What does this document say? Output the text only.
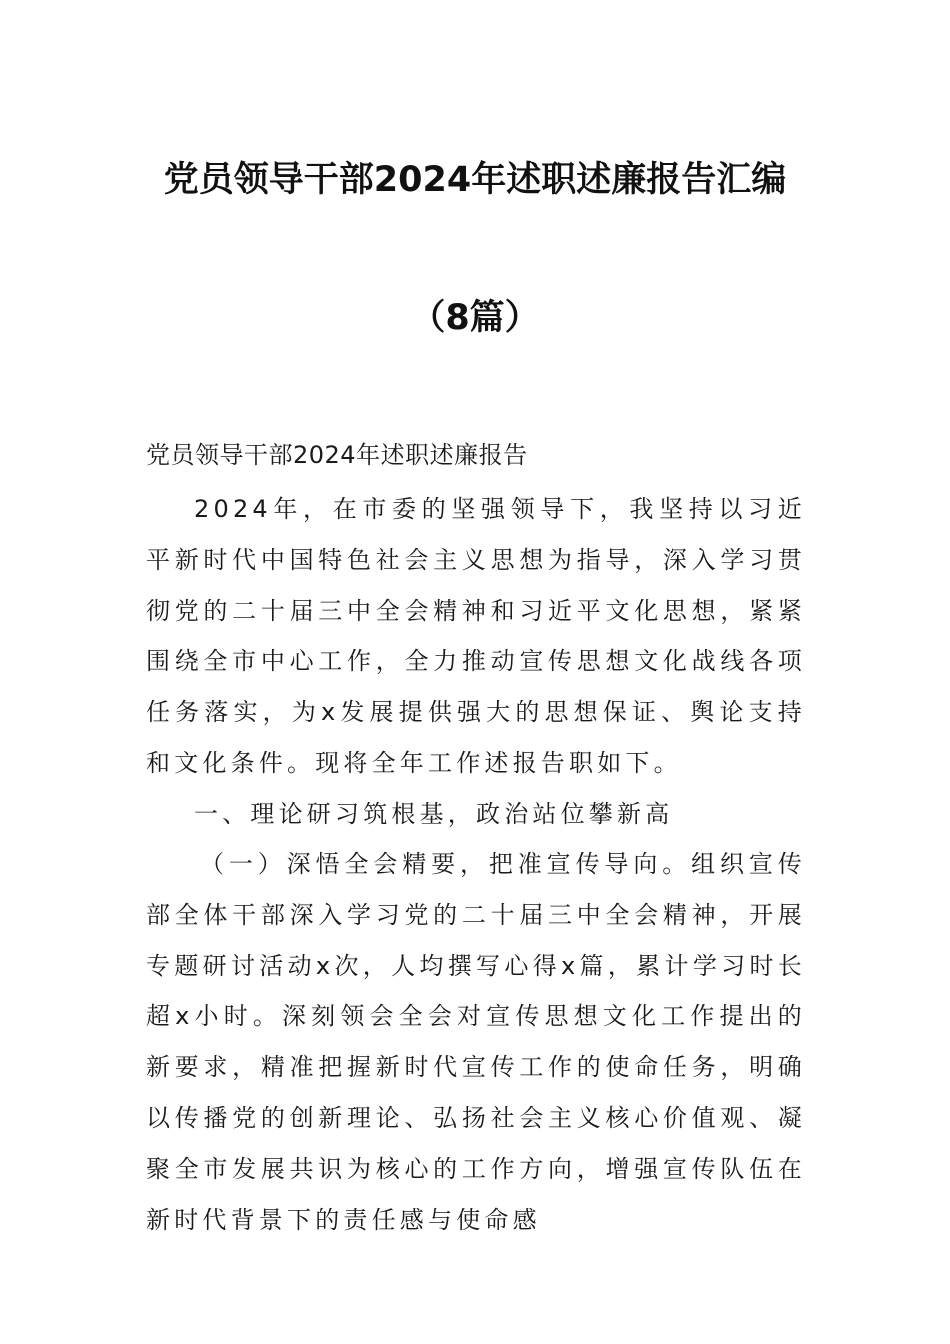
党员领导干部2024年述职述廉报告汇编
（8篇）
党员领导干部2024年述职述廉报告

2024年，在市委的坚强领导下，我坚持以习近平新时代中国特色社会主义思想为指导，深入学习贯彻党的二十届三中全会精神和习近平文化思想，紧紧围绕全市中心工作，全力推动宣传思想文化战线各项任务落实，为x发展提供强大的思想保证、舆论支持和文化条件。现将全年工作述报告职如下。

一、理论研习筑根基，政治站位攀新高

（一）深悟全会精要，把准宣传导向。组织宣传部全体干部深入学习党的二十届三中全会精神，开展专题研讨活动x次，人均撰写心得x篇，累计学习时长超x小时。深刻领会全会对宣传思想文化工作提出的新要求，精准把握新时代宣传工作的使命任务，明确以传播党的创新理论、弘扬社会主义核心价值观、凝聚全市发展共识为核心的工作方向，增强宣传队伍在新时代背景下的责任感与使命感
